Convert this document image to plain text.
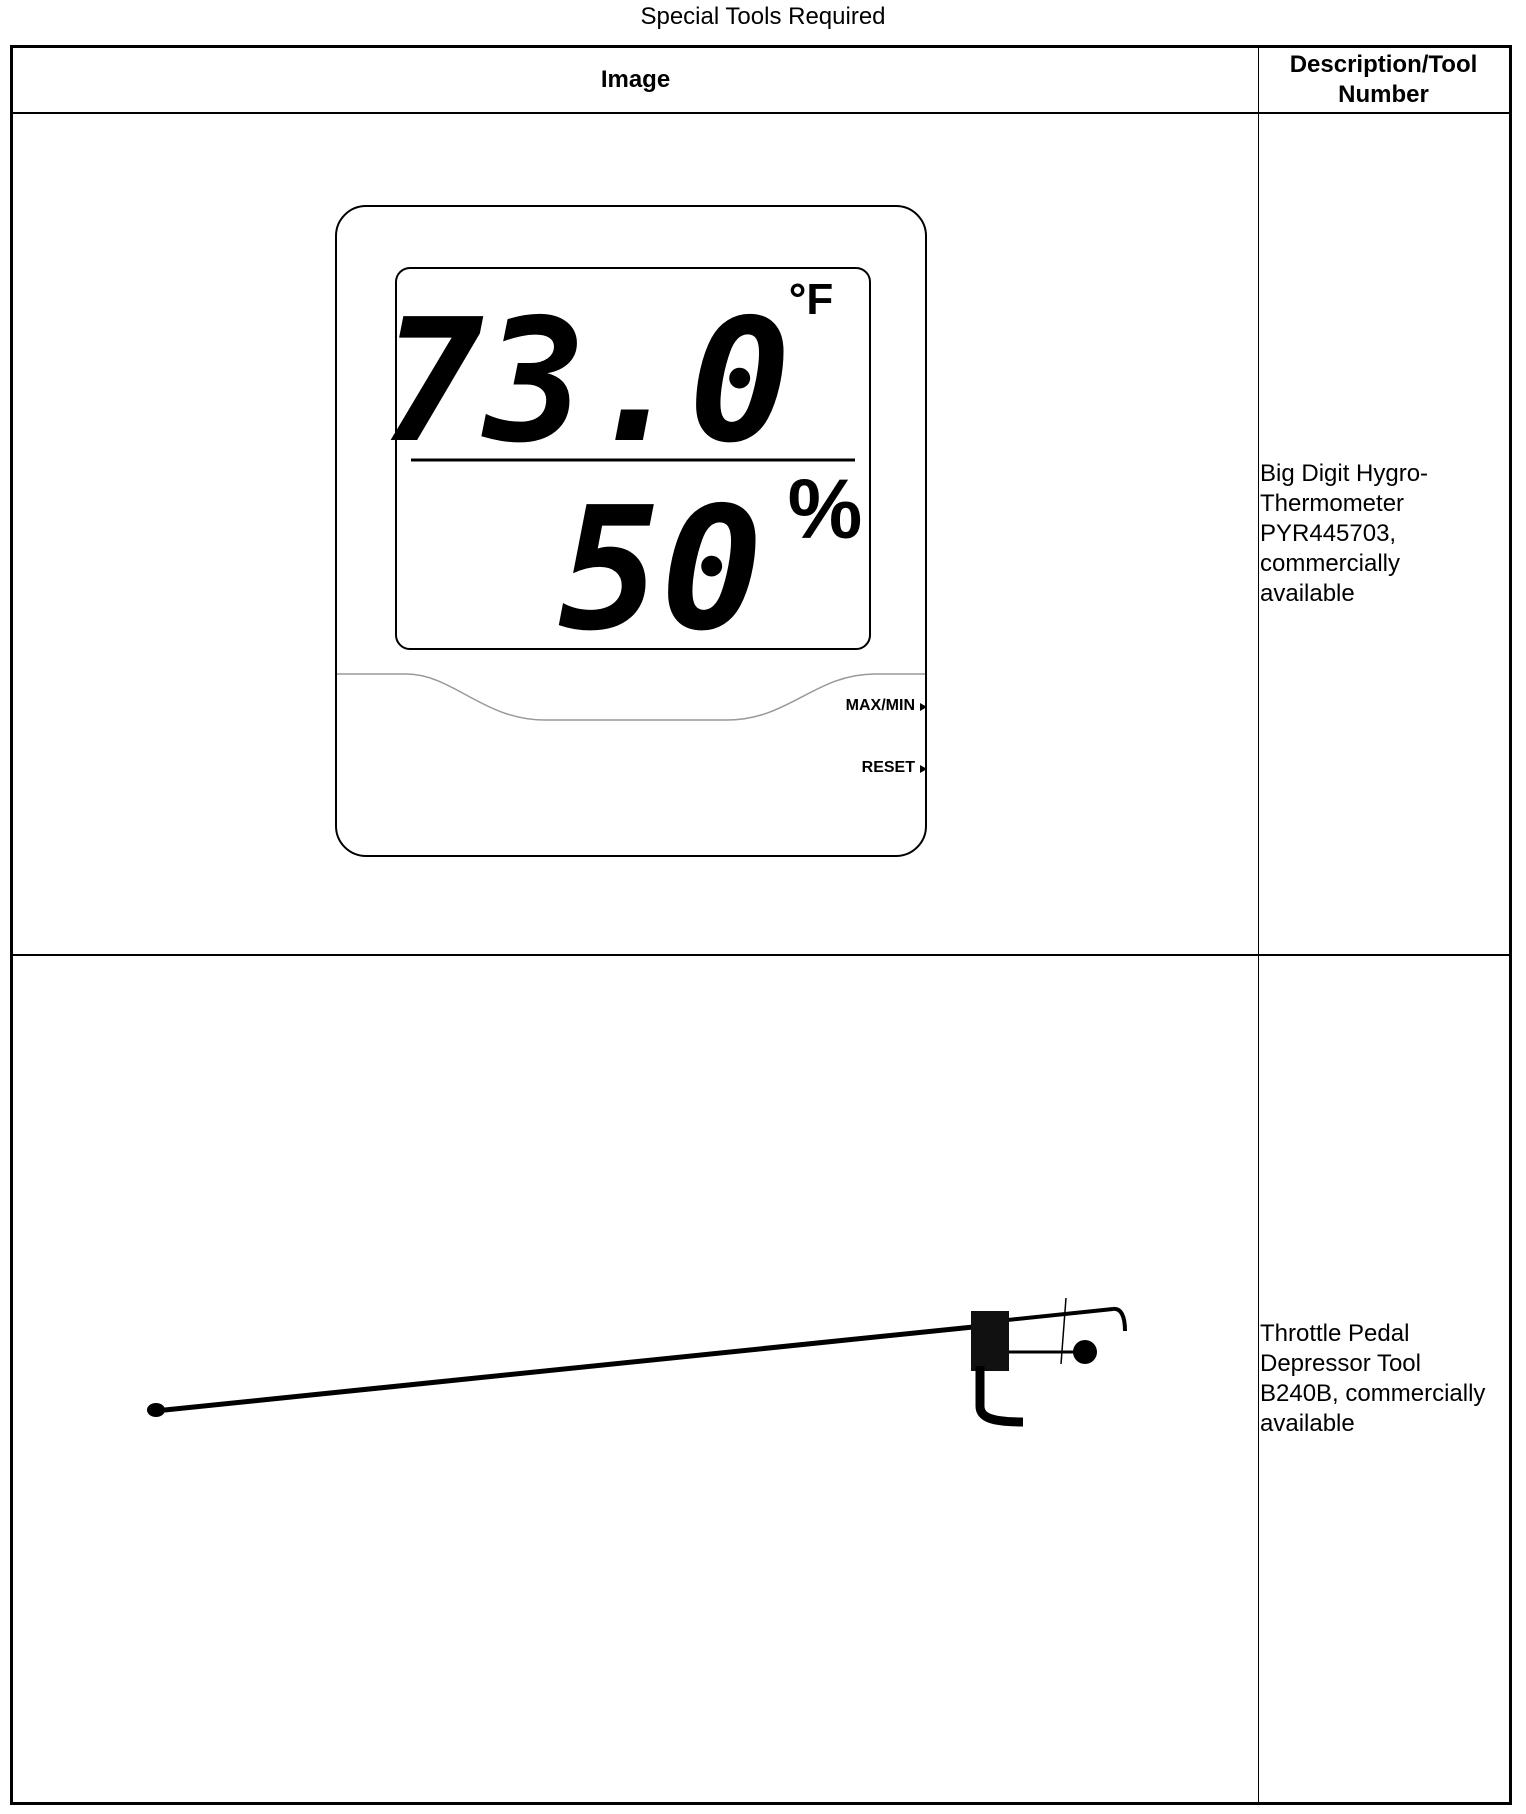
Special Tools Required
Image
Description/Tool Number
73.0
°F
50 %
MAX/MIN
RESET
Big Digit Hygro-Thermometer PYR445703, commercially available
Throttle Pedal Depressor Tool B240B, commercially available
